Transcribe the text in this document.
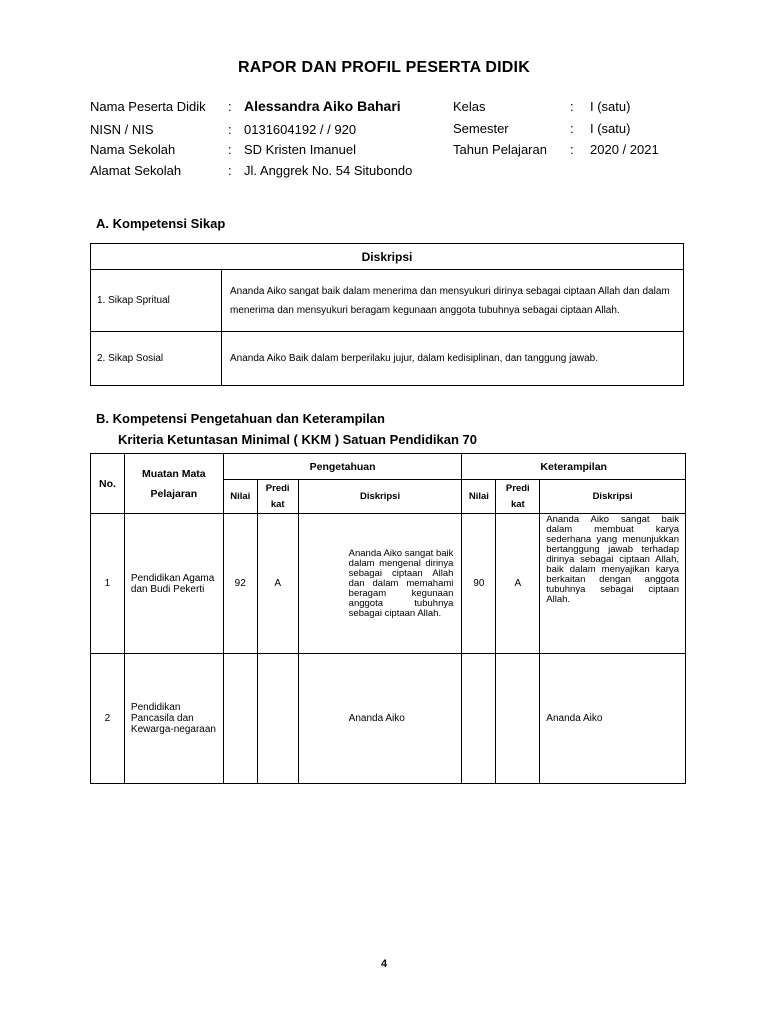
RAPOR DAN PROFIL PESERTA DIDIK
Nama Peserta Didik : Alessandra Aiko Bahari	Kelas	: I (satu)
NISN / NIS	: 0131604192 / / 920	Semester	: I (satu)
Nama Sekolah	: SD Kristen Imanuel	Tahun Pelajaran : 2020 / 2021
Alamat Sekolah	: Jl. Anggrek No. 54 Situbondo
A. Kompetensi Sikap
Diskripsi	
1. Sikap Spritual	Ananda Aiko sangat baik dalam menerima dan mensyukuri dirinya sebagai ciptaan Allah dan dalam menerima dan mensyukuri beragam kegunaan anggota tubuhnya sebagai ciptaan Allah.
2. Sikap Sosial	Ananda Aiko Baik dalam berperilaku jujur, dalam kedisiplinan, dan tanggung jawab.
B. Kompetensi Pengetahuan dan Keterampilan
Kriteria Ketuntasan Minimal ( KKM ) Satuan Pendidikan 70
No.	Muatan Mata Pelajaran	Pengetahuan			Keterampilan		
		Nilai	Predi kat	Diskripsi	Nilai	Predi kat	Diskripsi
1	Pendidikan Agama dan Budi Pekerti	92	A	Ananda Aiko sangat baik dalam mengenal dirinya sebagai ciptaan Allah dan dalam memahami beragam kegunaan anggota tubuhnya sebagai ciptaan Allah.	90	A	Ananda Aiko sangat baik dalam membuat karya sederhana yang menunjukkan bertanggung jawab terhadap dirinya sebagai ciptaan Allah, baik dalam menyajikan karya berkaitan dengan anggota tubuhnya sebagai ciptaan Allah.
2	Pendidikan Pancasila dan Kewarga-negaraan			Ananda Aiko			Ananda Aiko
4
